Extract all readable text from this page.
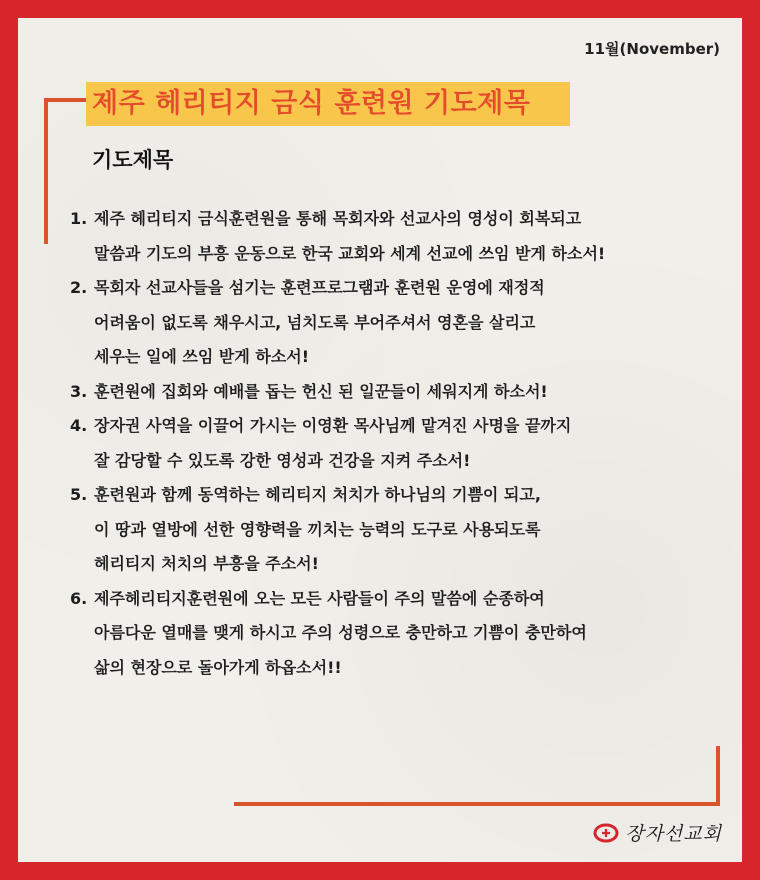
11월(November)
제주 헤리티지 금식 훈련원 기도제목
기도제목
1. 제주 헤리티지 금식훈련원을 통해 목회자와 선교사의 영성이 회복되고
말씀과 기도의 부흥 운동으로 한국 교회와 세계 선교에 쓰임 받게 하소서!
2. 목회자 선교사들을 섬기는 훈련프로그램과 훈련원 운영에 재정적
어려움이 없도록 채우시고, 넘치도록 부어주셔서 영혼을 살리고
세우는 일에 쓰임 받게 하소서!
3. 훈련원에 집회와 예배를 돕는 헌신 된 일꾼들이 세워지게 하소서!
4. 장자권 사역을 이끌어 가시는 이영환 목사님께 맡겨진 사명을 끝까지
잘 감당할 수 있도록 강한 영성과 건강을 지켜 주소서!
5. 훈련원과 함께 동역하는 헤리티지 처치가 하나님의 기쁨이 되고,
이 땅과 열방에 선한 영향력을 끼치는 능력의 도구로 사용되도록
헤리티지 처치의 부흥을 주소서!
6. 제주헤리티지훈련원에 오는 모든 사람들이 주의 말씀에 순종하여
아름다운 열매를 맺게 하시고 주의 성령으로 충만하고 기쁨이 충만하여
삶의 현장으로 돌아가게 하옵소서!!
장자선교회
